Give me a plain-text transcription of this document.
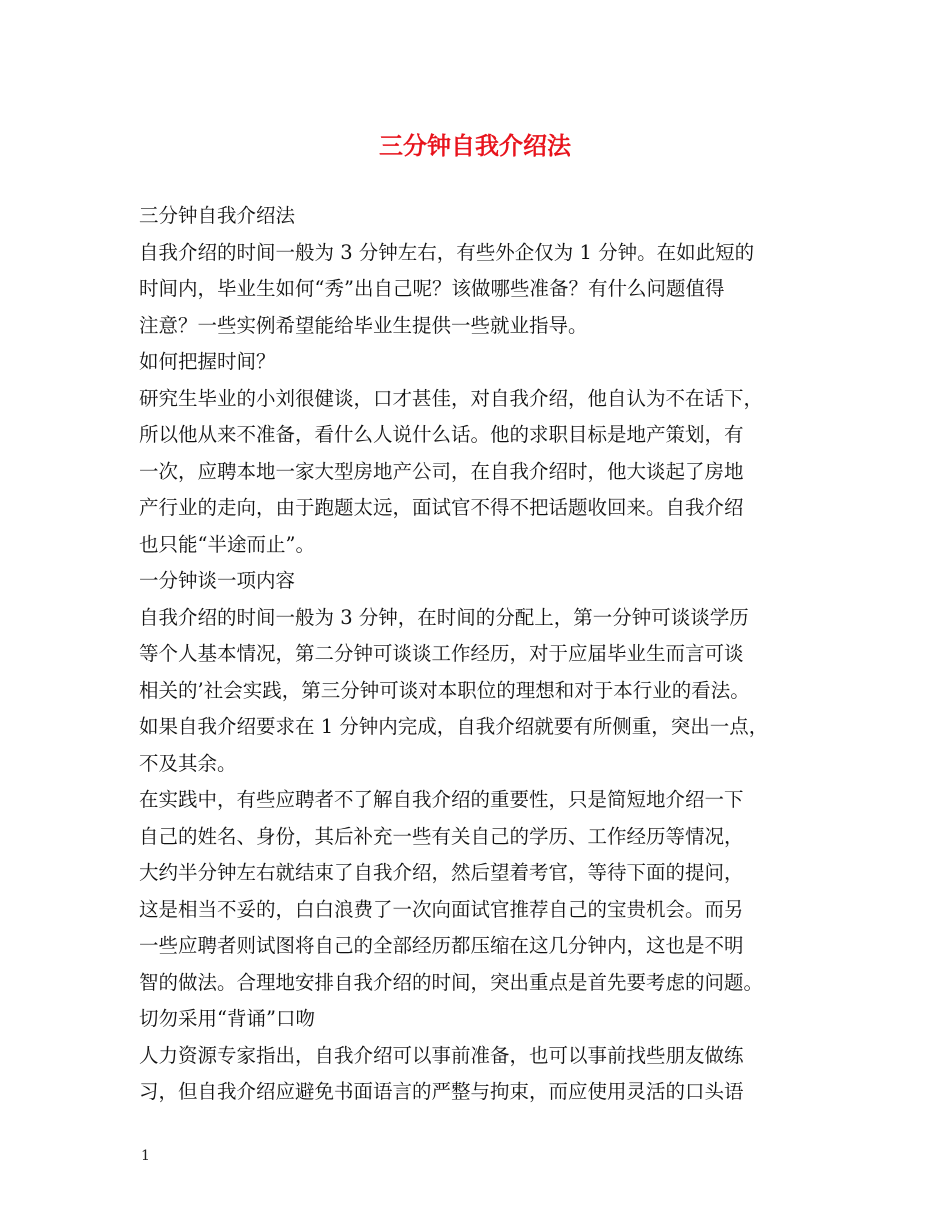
三分钟自我介绍法
三分钟自我介绍法
自我介绍的时间一般为 3 分钟左右，有些外企仅为 1 分钟。在如此短的
时间内，毕业生如何“秀”出自己呢？该做哪些准备？有什么问题值得
注意？一些实例希望能给毕业生提供一些就业指导。
如何把握时间？
研究生毕业的小刘很健谈，口才甚佳，对自我介绍，他自认为不在话下，
所以他从来不准备，看什么人说什么话。他的求职目标是地产策划，有
一次，应聘本地一家大型房地产公司，在自我介绍时，他大谈起了房地
产行业的走向，由于跑题太远，面试官不得不把话题收回来。自我介绍
也只能“半途而止”。
一分钟谈一项内容
自我介绍的时间一般为 3 分钟，在时间的分配上，第一分钟可谈谈学历
等个人基本情况，第二分钟可谈谈工作经历，对于应届毕业生而言可谈
相关的’社会实践，第三分钟可谈对本职位的理想和对于本行业的看法。
如果自我介绍要求在 1 分钟内完成，自我介绍就要有所侧重，突出一点，
不及其余。
在实践中，有些应聘者不了解自我介绍的重要性，只是简短地介绍一下
自己的姓名、身份，其后补充一些有关自己的学历、工作经历等情况，
大约半分钟左右就结束了自我介绍，然后望着考官，等待下面的提问，
这是相当不妥的，白白浪费了一次向面试官推荐自己的宝贵机会。而另
一些应聘者则试图将自己的全部经历都压缩在这几分钟内，这也是不明
智的做法。合理地安排自我介绍的时间，突出重点是首先要考虑的问题。
切勿采用“背诵”口吻
人力资源专家指出，自我介绍可以事前准备，也可以事前找些朋友做练
习，但自我介绍应避免书面语言的严整与拘束，而应使用灵活的口头语
1
